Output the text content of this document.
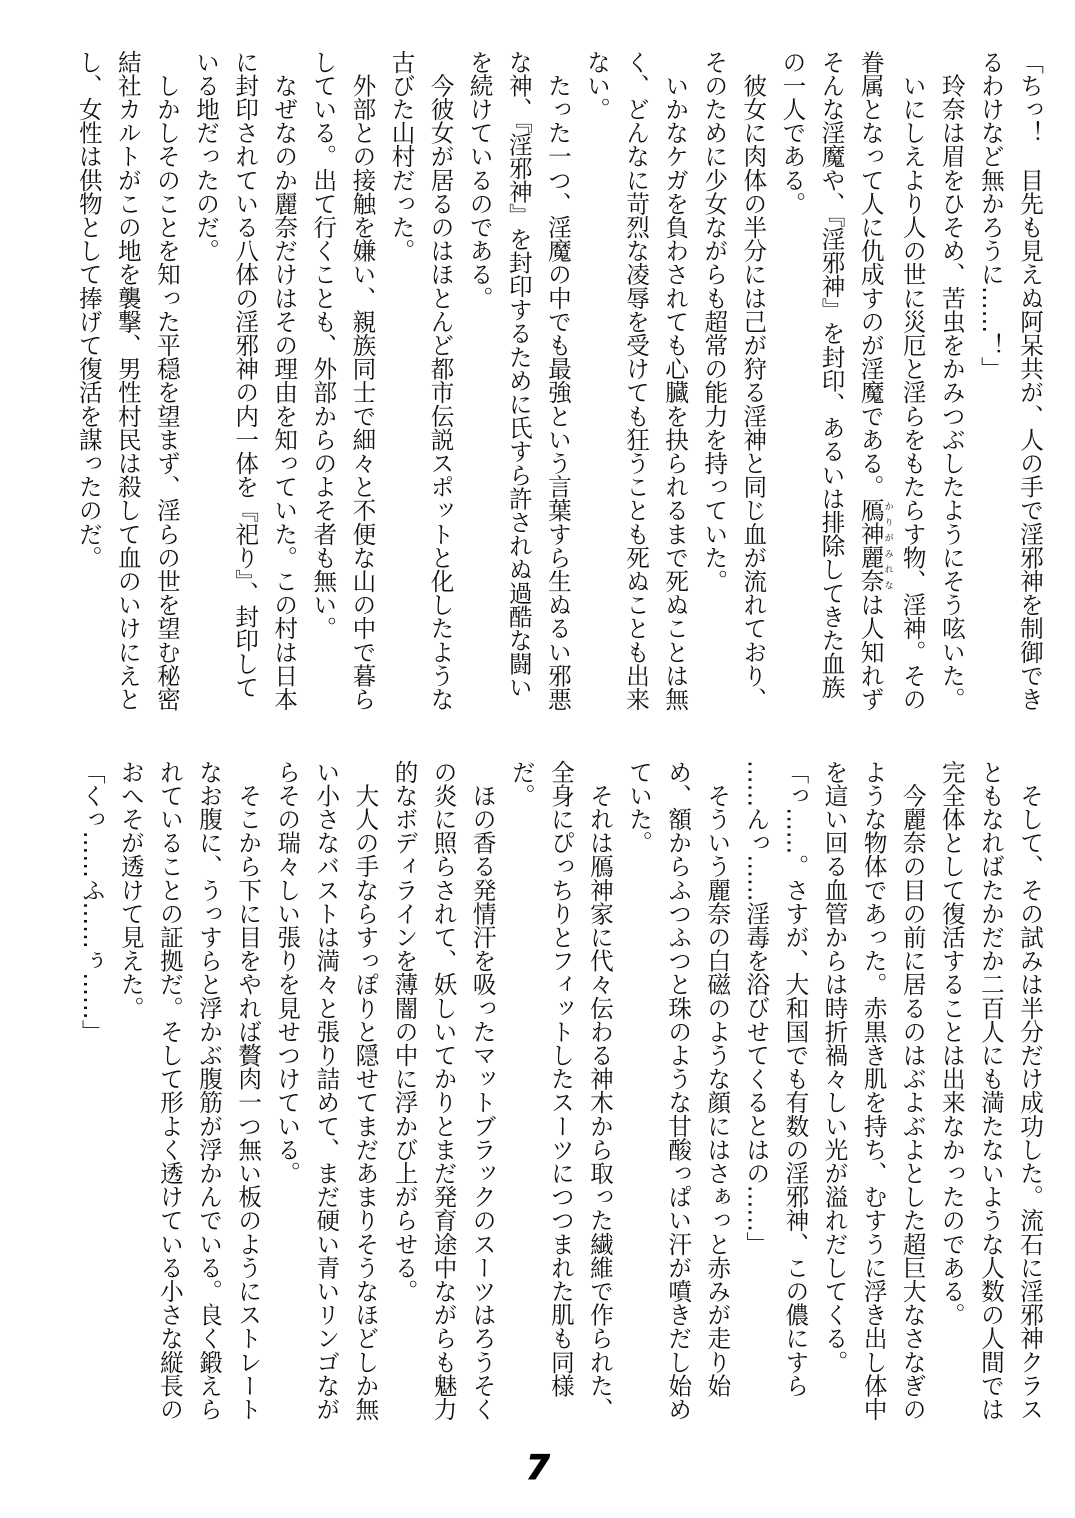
「ちっ！　目先も見えぬ阿呆共が、人の手で淫邪神を制御でき
るわけなど無かろうに……！」
　玲奈は眉をひそめ、苦虫をかみつぶしたようにそう呟いた。
　いにしえより人の世に災厄と淫らをもたらす物、淫神。その
眷属となって人に仇成すのが淫魔である。鴈神麗奈かりがみれなは人知れず
そんな淫魔や、『淫邪神』を封印、あるいは排除してきた血族
の一人である。
　彼女に肉体の半分には己が狩る淫神と同じ血が流れており、
そのために少女ながらも超常の能力を持っていた。
　いかなケガを負わされても心臓を抉られるまで死ぬことは無
く、どんなに苛烈な凌辱を受けても狂うことも死ぬことも出来
ない。
　たった一つ、淫魔の中でも最強という言葉すら生ぬるい邪悪
な神、『淫邪神』を封印するために氏すら許されぬ過酷な闘い
を続けているのである。
　今彼女が居るのはほとんど都市伝説スポットと化したような
古びた山村だった。
　外部との接触を嫌い、親族同士で細々と不便な山の中で暮ら
している。出て行くことも、外部からのよそ者も無い。
　なぜなのか麗奈だけはその理由を知っていた。この村は日本
に封印されている八体の淫邪神の内一体を『祀り』、封印して
いる地だったのだ。
　しかしそのことを知った平穏を望まず、淫らの世を望む秘密
結社カルトがこの地を襲撃、男性村民は殺して血のいけにえと
し、女性は供物として捧げて復活を謀ったのだ。
　そして、その試みは半分だけ成功した。流石に淫邪神クラス
ともなればたかだか二百人にも満たないような人数の人間では
完全体として復活することは出来なかったのである。
　今麗奈の目の前に居るのはぶよぶよとした超巨大なさなぎの
ような物体であった。赤黒き肌を持ち、むすうに浮き出し体中
を這い回る血管からは時折禍々しい光が溢れだしてくる。
「っ……。さすが、大和国でも有数の淫邪神、この儂にすら
……んっ……淫毒を浴びせてくるとはの……」
　そういう麗奈の白磁のような顔にはさぁっと赤みが走り始
め、額からふつふつと珠のような甘酸っぱい汗が噴きだし始め
ていた。
　それは鴈神家に代々伝わる神木から取った繊維で作られた、
全身にぴっちりとフィットしたスーツにつつまれた肌も同様
だ。
　ほの香る発情汗を吸ったマットブラックのスーツはろうそく
の炎に照らされて、妖しいてかりとまだ発育途中ながらも魅力
的なボディラインを薄闇の中に浮かび上がらせる。
　大人の手ならすっぽりと隠せてまだあまりそうなほどしか無
い小さなバストは満々と張り詰めて、まだ硬い青いリンゴなが
らその瑞々しい張りを見せつけている。
　そこから下に目をやれば贅肉一つ無い板のようにストレート
なお腹に、うっすらと浮かぶ腹筋が浮かんでいる。良く鍛えら
れていることの証拠だ。そして形よく透けている小さな縦長の
おへそが透けて見えた。
「くっ……ふ……ぅ……」
7
